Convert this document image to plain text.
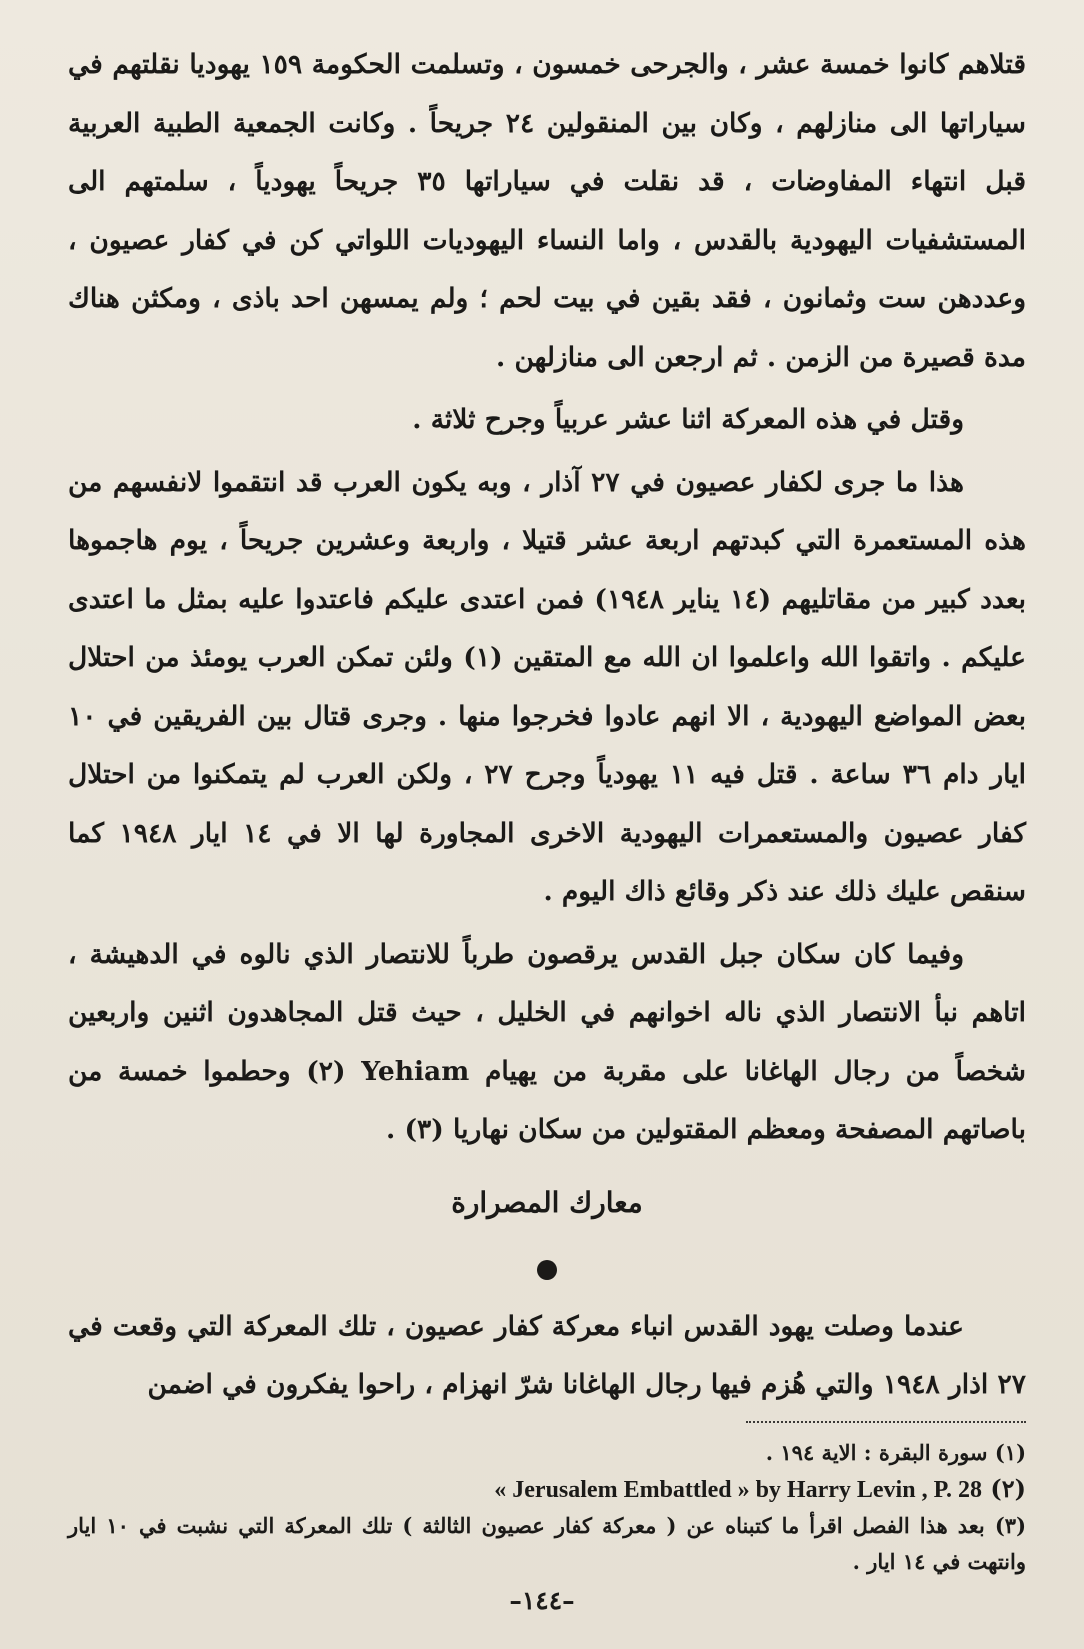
قتلاهم كانوا خمسة عشر ، والجرحى خمسون ، وتسلمت الحكومة ١٥٩ يهوديا نقلتهم في سياراتها الى منازلهم ، وكان بين المنقولين ٢٤ جريحاً . وكانت الجمعية الطبية العربية قبل انتهاء المفاوضات ، قد نقلت في سياراتها ٣٥ جريحاً يهودياً ، سلمتهم الى المستشفيات اليهودية بالقدس ، واما النساء اليهوديات اللواتي كن في كفار عصيون ، وعددهن ست وثمانون ، فقد بقين في بيت لحم ؛ ولم يمسهن احد باذى ، ومكثن هناك مدة قصيرة من الزمن . ثم ارجعن الى منازلهن .

وقتل في هذه المعركة اثنا عشر عربياً وجرح ثلاثة .

هذا ما جرى لكفار عصيون في ٢٧ آذار ، وبه يكون العرب قد انتقموا لانفسهم من هذه المستعمرة التي كبدتهم اربعة عشر قتيلا ، واربعة وعشرين جريحاً ، يوم هاجموها بعدد كبير من مقاتليهم (١٤ يناير ١٩٤٨) فمن اعتدى عليكم فاعتدوا عليه بمثل ما اعتدى عليكم . واتقوا الله واعلموا ان الله مع المتقين (١) ولئن تمكن العرب يومئذ من احتلال بعض المواضع اليهودية ، الا انهم عادوا فخرجوا منها . وجرى قتال بين الفريقين في ١٠ ايار دام ٣٦ ساعة . قتل فيه ١١ يهودياً وجرح ٢٧ ، ولكن العرب لم يتمكنوا من احتلال كفار عصيون والمستعمرات اليهودية الاخرى المجاورة لها الا في ١٤ ايار ١٩٤٨ كما سنقص عليك ذلك عند ذكر وقائع ذاك اليوم .

وفيما كان سكان جبل القدس يرقصون طرباً للانتصار الذي نالوه في الدهيشة ، اتاهم نبأ الانتصار الذي ناله اخوانهم في الخليل ، حيث قتل المجاهدون اثنين واربعين شخصاً من رجال الهاغانا على مقربة من يهيام Yehiam (٢) وحطموا خمسة من باصاتهم المصفحة ومعظم المقتولين من سكان نهاريا (٣) .

معارك المصرارة

عندما وصلت يهود القدس انباء معركة كفار عصيون ، تلك المعركة التي وقعت في ٢٧ اذار ١٩٤٨ والتي هُزم فيها رجال الهاغانا شرّ انهزام ، راحوا يفكرون في اضمن

(١) سورة البقرة : الاية ١٩٤ .
(٢) « Jerusalem Embattled » by Harry Levin , P. 28
(٣) بعد هذا الفصل اقرأ ما كتبناه عن ( معركة كفار عصيون الثالثة ) تلك المعركة التي نشبت في ١٠ ايار وانتهت في ١٤ ايار .
–١٤٤–
